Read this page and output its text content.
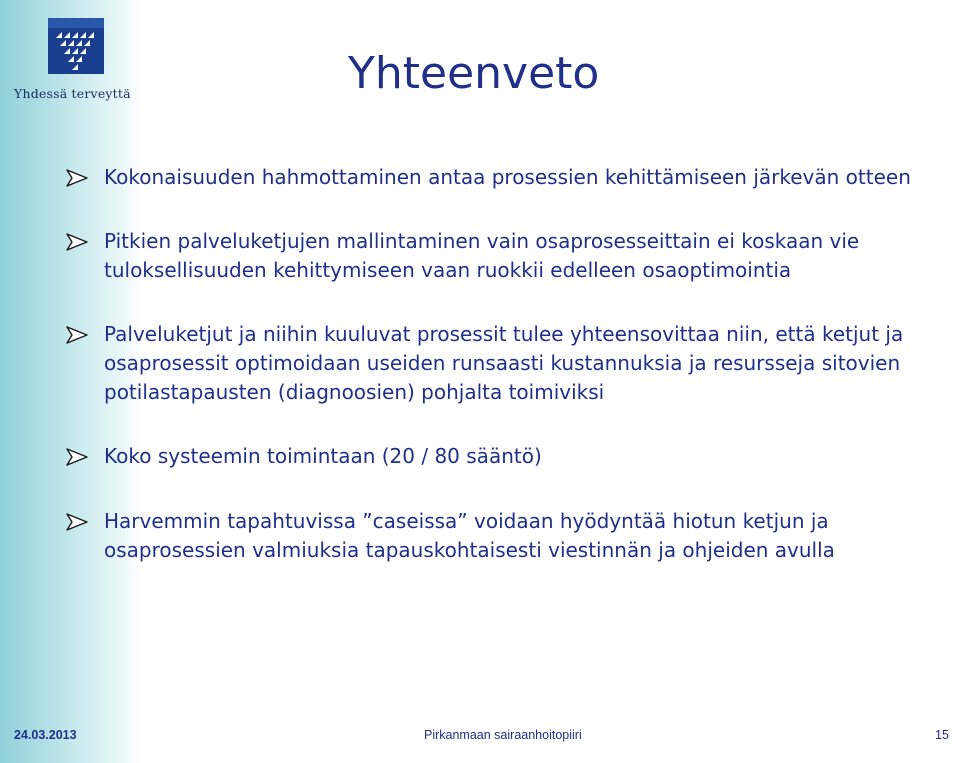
Yhdessä terveyttä	Yhteenveto
Kokonaisuuden hahmottaminen antaa prosessien kehittämiseen järkevän otteen
Pitkien palveluketjujen mallintaminen vain osaprosesseittain ei koskaan vie tuloksellisuuden kehittymiseen vaan ruokkii edelleen osaoptimointia
Palveluketjut ja niihin kuuluvat prosessit tulee yhteensovittaa niin, että ketjut ja osaprosessit optimoidaan useiden runsaasti kustannuksia ja resursseja sitovien potilastapausten (diagnoosien) pohjalta toimiviksi
Koko systeemin toimintaan (20 / 80 sääntö)
Harvemmin tapahtuvissa ”caseissa” voidaan hyödyntää hiotun ketjun ja osaprosessien valmiuksia tapauskohtaisesti viestinnän ja ohjeiden avulla
24.03.2013	Pirkanmaan sairaanhoitopiiri	15
